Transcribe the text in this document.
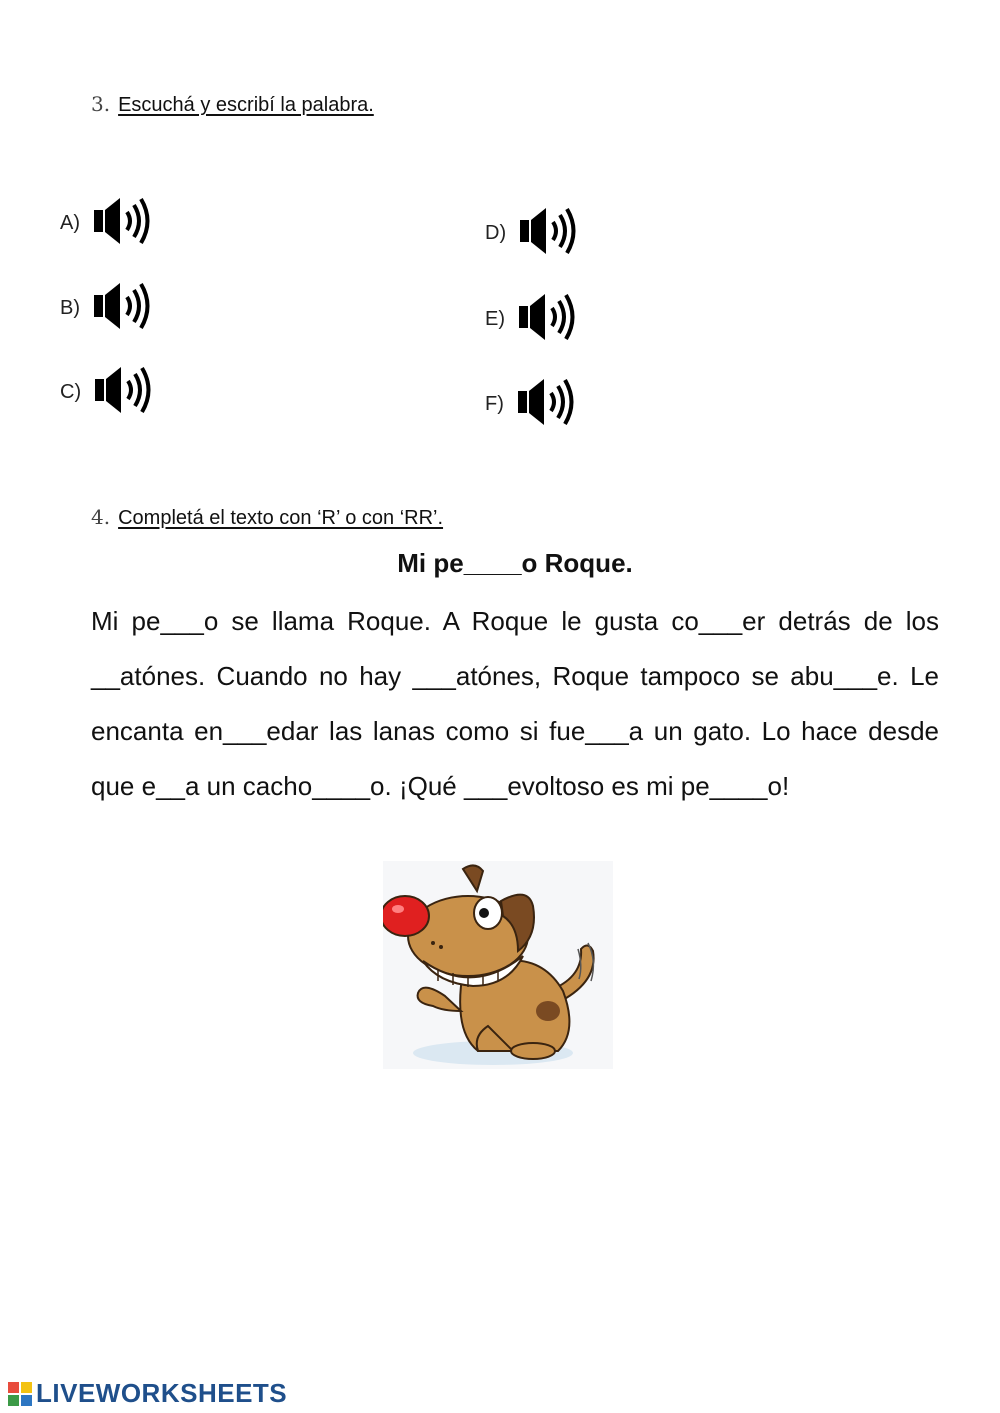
3. Escuchá y escribí la palabra.
A)
B)
C)
D)
E)
F)
4. Completá el texto con ‘R’ o con ‘RR’.
Mi pe____o Roque.
Mi pe___o se llama Roque. A Roque le gusta co___er detrás de los
__atónes. Cuando no hay ___atónes, Roque tampoco se abu___e. Le
encanta en___edar las lanas como si fue___a un gato. Lo hace desde
que e__a un cacho____o. ¡Qué ___evoltoso es mi pe____o!
LIVEWORKSHEETS
